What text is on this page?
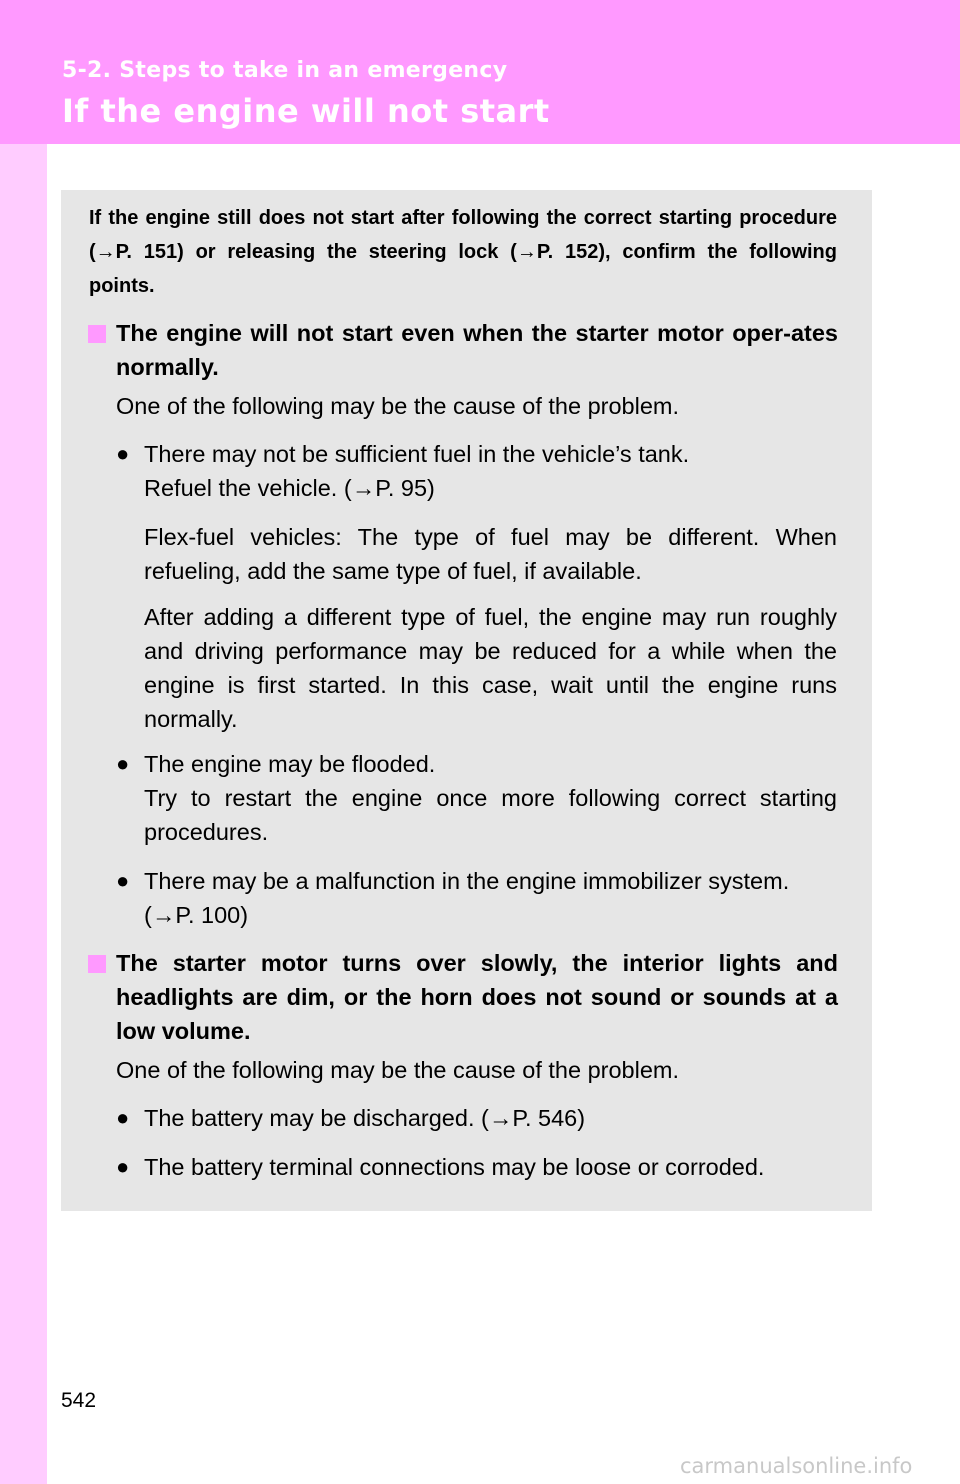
5-2. Steps to take in an emergency
If the engine will not start
If the engine still does not start after following the correct starting procedure (→P. 151) or releasing the steering lock (→P. 152), confirm the following points.
The engine will not start even when the starter motor oper-ates normally.
One of the following may be the cause of the problem.
● There may not be sufficient fuel in the vehicle’s tank.
Refuel the vehicle. (→P. 95)
Flex-fuel vehicles: The type of fuel may be different. When refueling, add the same type of fuel, if available.
After adding a different type of fuel, the engine may run roughly and driving performance may be reduced for a while when the engine is first started. In this case, wait until the engine runs normally.
● The engine may be flooded.
Try to restart the engine once more following correct starting procedures.
● There may be a malfunction in the engine immobilizer system.
(→P. 100)
The starter motor turns over slowly, the interior lights and headlights are dim, or the horn does not sound or sounds at a low volume.
One of the following may be the cause of the problem.
● The battery may be discharged. (→P. 546)
● The battery terminal connections may be loose or corroded.
542
carmanualsonline.info
